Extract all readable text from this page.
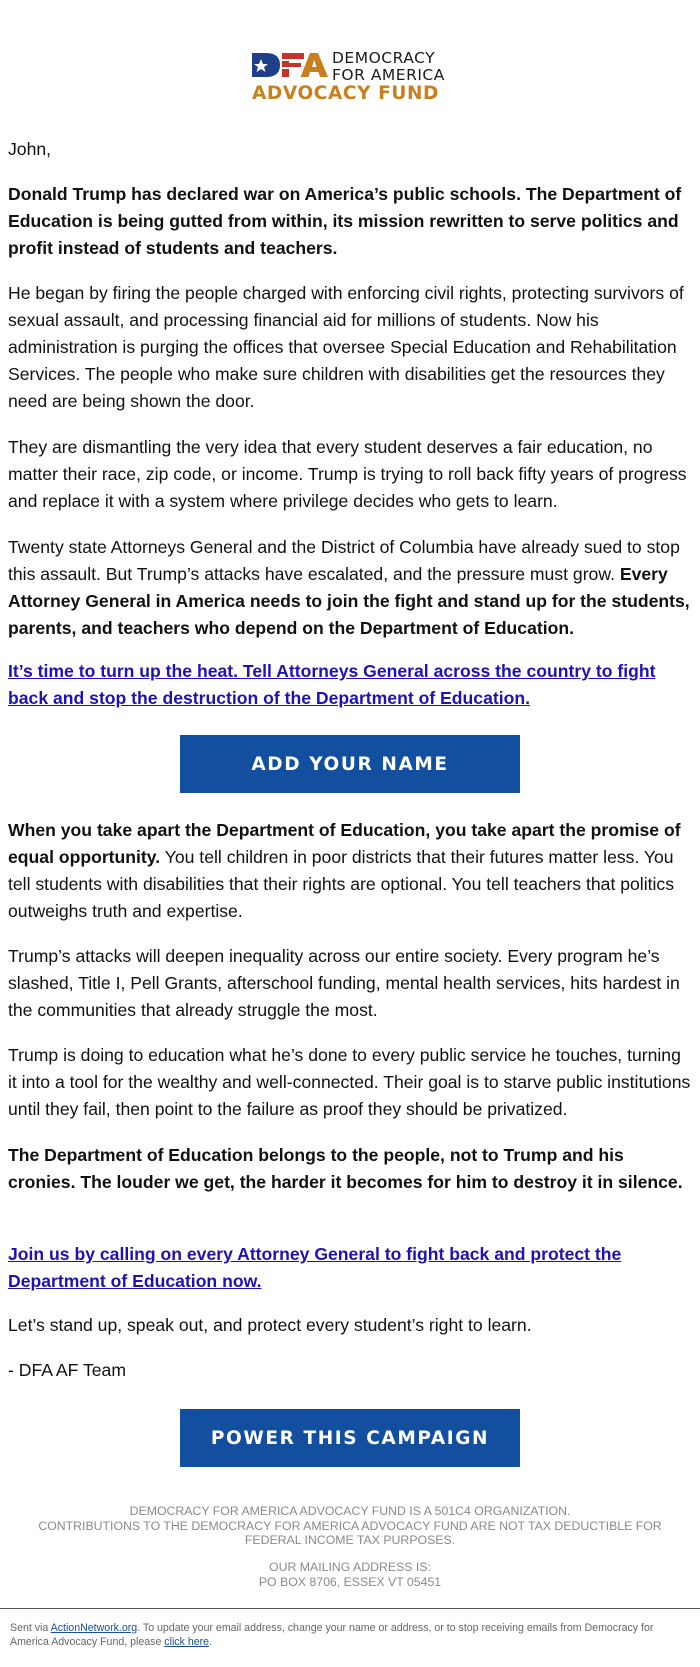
DEMOCRACY
FOR AMERICA
ADVOCACY FUND

John,

Donald Trump has declared war on America’s public schools. The Department of Education is being gutted from within, its mission rewritten to serve politics and profit instead of students and teachers.

He began by firing the people charged with enforcing civil rights, protecting survivors of sexual assault, and processing financial aid for millions of students. Now his administration is purging the offices that oversee Special Education and Rehabilitation Services. The people who make sure children with disabilities get the resources they need are being shown the door.

They are dismantling the very idea that every student deserves a fair education, no matter their race, zip code, or income. Trump is trying to roll back fifty years of progress and replace it with a system where privilege decides who gets to learn.

Twenty state Attorneys General and the District of Columbia have already sued to stop this assault. But Trump’s attacks have escalated, and the pressure must grow. Every Attorney General in America needs to join the fight and stand up for the students, parents, and teachers who depend on the Department of Education.

It’s time to turn up the heat. Tell Attorneys General across the country to fight back and stop the destruction of the Department of Education.

ADD YOUR NAME

When you take apart the Department of Education, you take apart the promise of equal opportunity. You tell children in poor districts that their futures matter less. You tell students with disabilities that their rights are optional. You tell teachers that politics outweighs truth and expertise.

Trump’s attacks will deepen inequality across our entire society. Every program he’s slashed, Title I, Pell Grants, afterschool funding, mental health services, hits hardest in the communities that already struggle the most.

Trump is doing to education what he’s done to every public service he touches, turning it into a tool for the wealthy and well-connected. Their goal is to starve public institutions until they fail, then point to the failure as proof they should be privatized.

The Department of Education belongs to the people, not to Trump and his cronies. The louder we get, the harder it becomes for him to destroy it in silence.

Join us by calling on every Attorney General to fight back and protect the Department of Education now.

Let’s stand up, speak out, and protect every student’s right to learn.

- DFA AF Team

POWER THIS CAMPAIGN
DEMOCRACY FOR AMERICA ADVOCACY FUND IS A 501C4 ORGANIZATION.
CONTRIBUTIONS TO THE DEMOCRACY FOR AMERICA ADVOCACY FUND ARE NOT TAX DEDUCTIBLE FOR FEDERAL INCOME TAX PURPOSES.
OUR MAILING ADDRESS IS:
PO BOX 8706, ESSEX VT 05451
Sent via ActionNetwork.org. To update your email address, change your name or address, or to stop receiving emails from Democracy for America Advocacy Fund, please click here.
